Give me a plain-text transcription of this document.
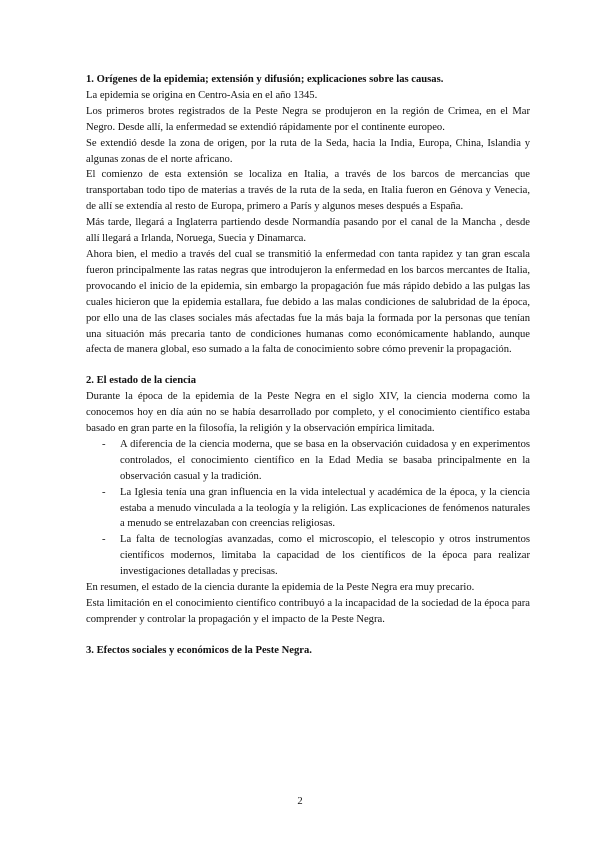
1. Orígenes de la epidemia; extensión y difusión; explicaciones sobre las causas.

La epidemia se origina en Centro-Asia en el año 1345.

Los primeros brotes registrados de la Peste Negra se produjeron en la región de Crimea, en el Mar Negro. Desde allí, la enfermedad se extendió rápidamente por el continente europeo.

Se extendió desde la zona de origen, por la ruta de la Seda, hacia la India, Europa, China, Islandia y algunas zonas de el norte africano.

El comienzo de esta extensión se localiza en Italia, a través de los barcos de mercancias que transportaban todo tipo de materias a través de la ruta de la seda, en Italia fueron en Génova y Venecia, de allí se extendía al resto de Europa, primero a París y algunos meses después a España.

Más tarde, llegará a Inglaterra partiendo desde Normandía pasando por el canal de la Mancha , desde allí llegará a Irlanda, Noruega, Suecia y Dinamarca.

Ahora bien, el medio a través del cual se transmitió la enfermedad con tanta rapidez y tan gran escala fueron principalmente las ratas negras que introdujeron la enfermedad en los barcos mercantes de Italia, provocando el inicio de la epidemia, sin embargo la propagación fue más rápido debido a las pulgas las cuales hicieron que la epidemia estallara, fue debido a las malas condiciones de salubridad de la época, por ello una de las clases sociales más afectadas fue la más baja la formada por la personas que tenían una situación más precaria tanto de condiciones humanas como económicamente hablando, aunque afecta de manera global, eso sumado a la falta de conocimiento sobre cómo prevenir la propagación.

2. El estado de la ciencia

Durante la época de la epidemia de la Peste Negra en el siglo XIV, la ciencia moderna como la conocemos hoy en día aún no se había desarrollado por completo, y el conocimiento científico estaba basado en gran parte en la filosofía, la religión y la observación empírica limitada.

- A diferencia de la ciencia moderna, que se basa en la observación cuidadosa y en experimentos controlados, el conocimiento científico en la Edad Media se basaba principalmente en la observación casual y la tradición.
- La Iglesia tenía una gran influencia en la vida intelectual y académica de la época, y la ciencia estaba a menudo vinculada a la teología y la religión. Las explicaciones de fenómenos naturales a menudo se entrelazaban con creencias religiosas.
- La falta de tecnologías avanzadas, como el microscopio, el telescopio y otros instrumentos científicos modernos, limitaba la capacidad de los científicos de la época para realizar investigaciones detalladas y precisas.

En resumen, el estado de la ciencia durante la epidemia de la Peste Negra era muy precario.

Esta limitación en el conocimiento científico contribuyó a la incapacidad de la sociedad de la época para comprender y controlar la propagación y el impacto de la Peste Negra.

3. Efectos sociales y económicos de la Peste Negra.
2
